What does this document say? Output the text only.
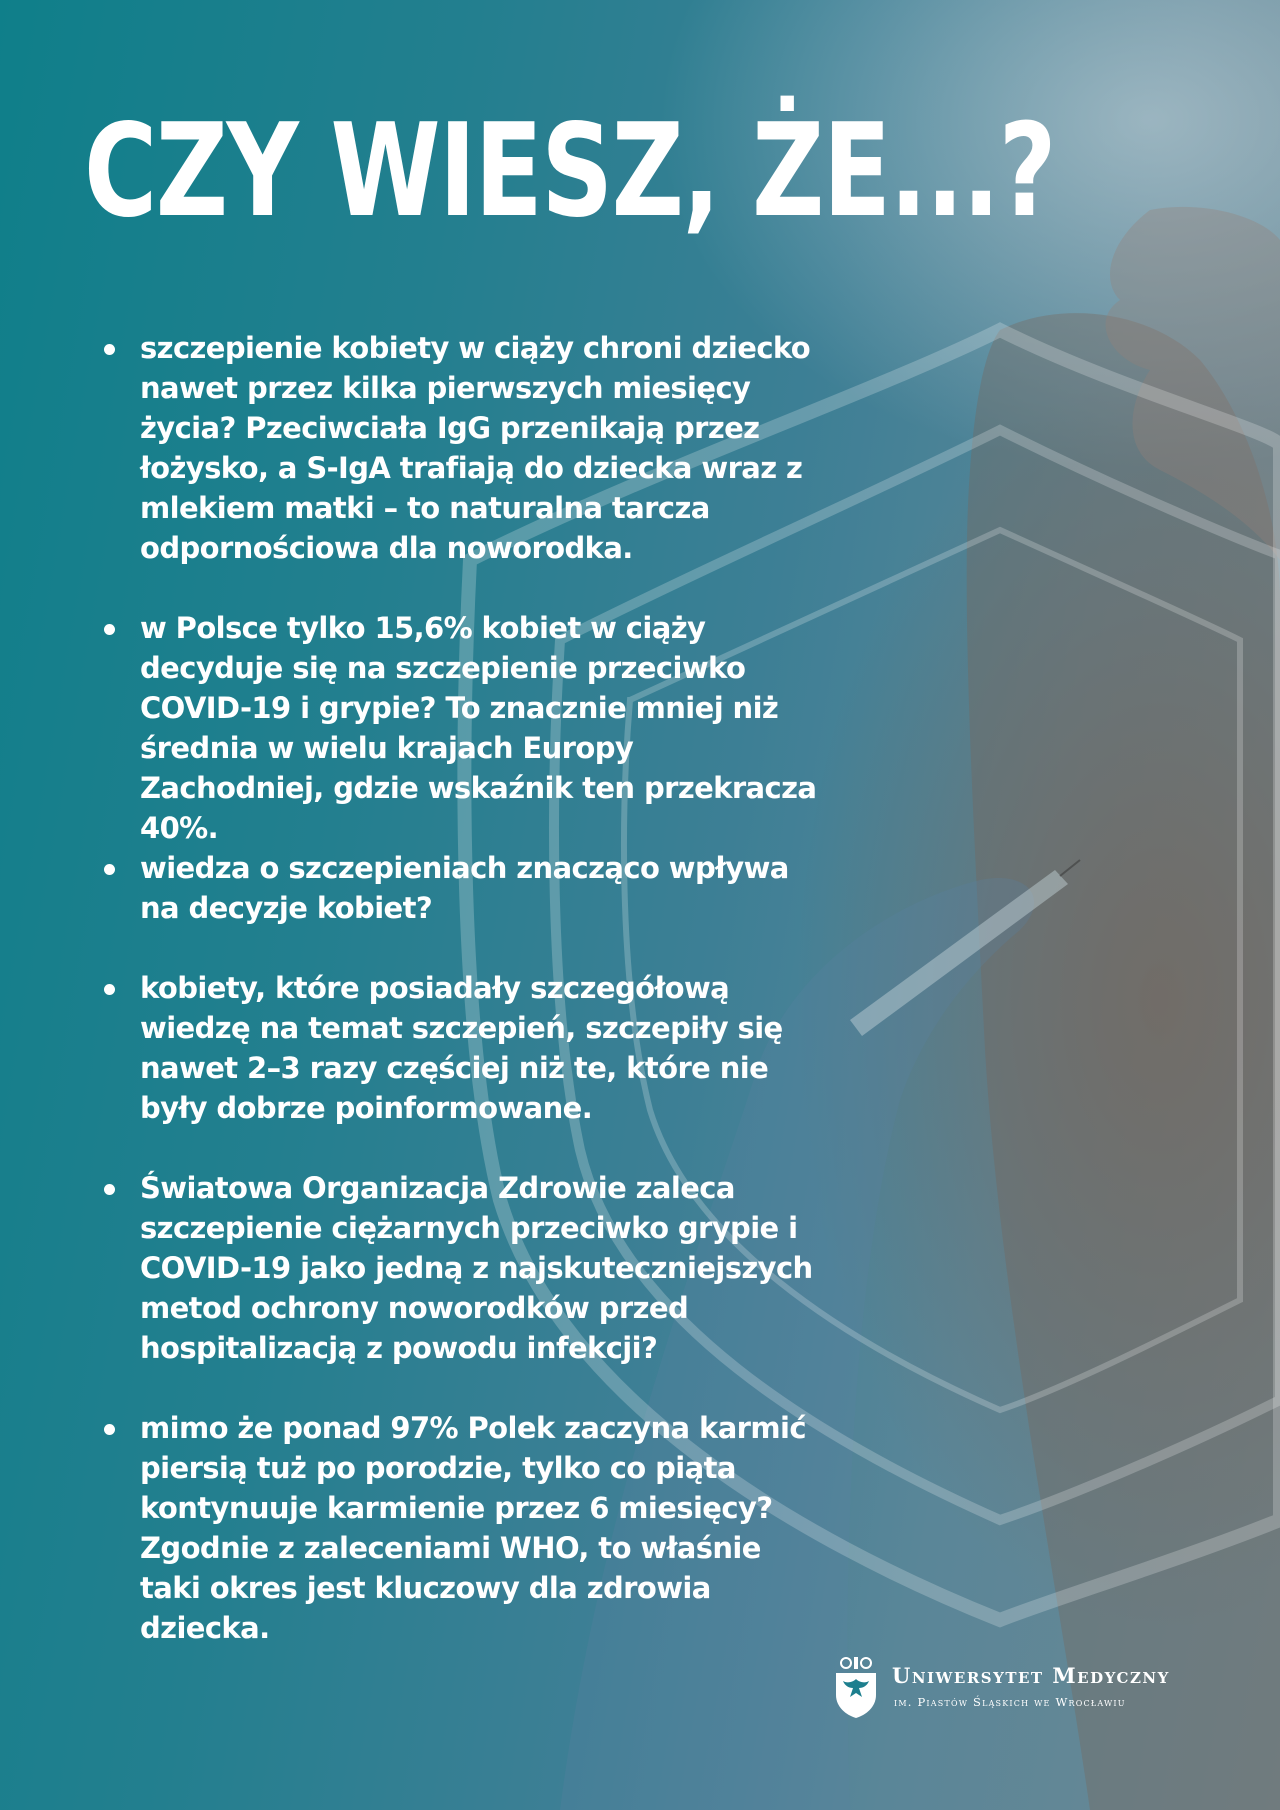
CZY WIESZ, ŻE...?
szczepienie kobiety w ciąży chroni dziecko nawet przez kilka pierwszych miesięcy życia? Pzeciwciała IgG przenikają przez łożysko, a S-IgA trafiają do dziecka wraz z mlekiem matki – to naturalna tarcza odpornościowa dla noworodka.
w Polsce tylko 15,6% kobiet w ciąży decyduje się na szczepienie przeciwko COVID-19 i grypie? To znacznie mniej niż średnia w wielu krajach Europy Zachodniej, gdzie wskaźnik ten przekracza 40%.
wiedza o szczepieniach znacząco wpływa na decyzje kobiet?
kobiety, które posiadały szczegółową wiedzę na temat szczepień, szczepiły się nawet 2–3 razy częściej niż te, które nie były dobrze poinformowane.
Światowa Organizacja Zdrowie zaleca szczepienie ciężarnych przeciwko grypie i COVID-19 jako jedną z najskuteczniejszych metod ochrony noworodków przed hospitalizacją z powodu infekcji?
mimo że ponad 97% Polek zaczyna karmić piersią tuż po porodzie, tylko co piąta kontynuuje karmienie przez 6 miesięcy? Zgodnie z zaleceniami WHO, to właśnie taki okres jest kluczowy dla zdrowia dziecka.
Uniwersytet Medyczny
im. Piastów Śląskich we Wrocławiu
